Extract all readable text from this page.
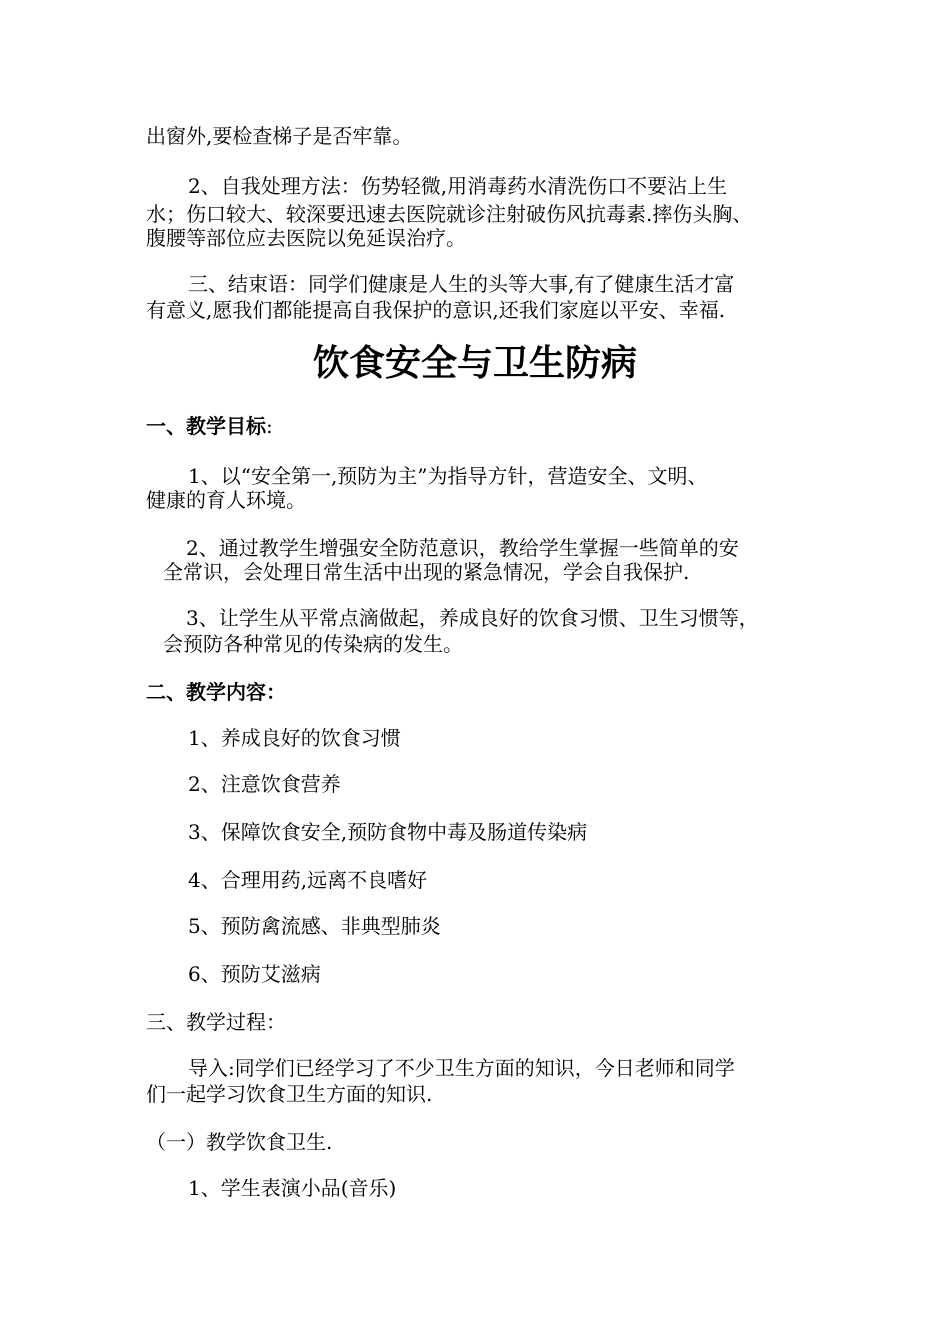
出窗外,要检查梯子是否牢靠。

2、自我处理方法：伤势轻微,用消毒药水清洗伤口不要沾上生

水；伤口较大、较深要迅速去医院就诊注射破伤风抗毒素.摔伤头胸、

腹腰等部位应去医院以免延误治疗。

三、结束语：同学们健康是人生的头等大事,有了健康生活才富

有意义,愿我们都能提高自我保护的意识,还我们家庭以平安、幸福.

饮食安全与卫生防病

一、教学目标:

1、以“安全第一,预防为主”为指导方针，营造安全、文明、

健康的育人环境。

2、通过教学生增强安全防范意识，教给学生掌握一些简单的安

全常识，会处理日常生活中出现的紧急情况，学会自我保护.

3、让学生从平常点滴做起，养成良好的饮食习惯、卫生习惯等，

会预防各种常见的传染病的发生。

二、教学内容：

1、养成良好的饮食习惯

2、注意饮食营养

3、保障饮食安全,预防食物中毒及肠道传染病

4、合理用药,远离不良嗜好

5、预防禽流感、非典型肺炎

6、预防艾滋病

三、教学过程：

导入:同学们已经学习了不少卫生方面的知识，今日老师和同学

们一起学习饮食卫生方面的知识.

（一）教学饮食卫生.

1、学生表演小品(音乐)
